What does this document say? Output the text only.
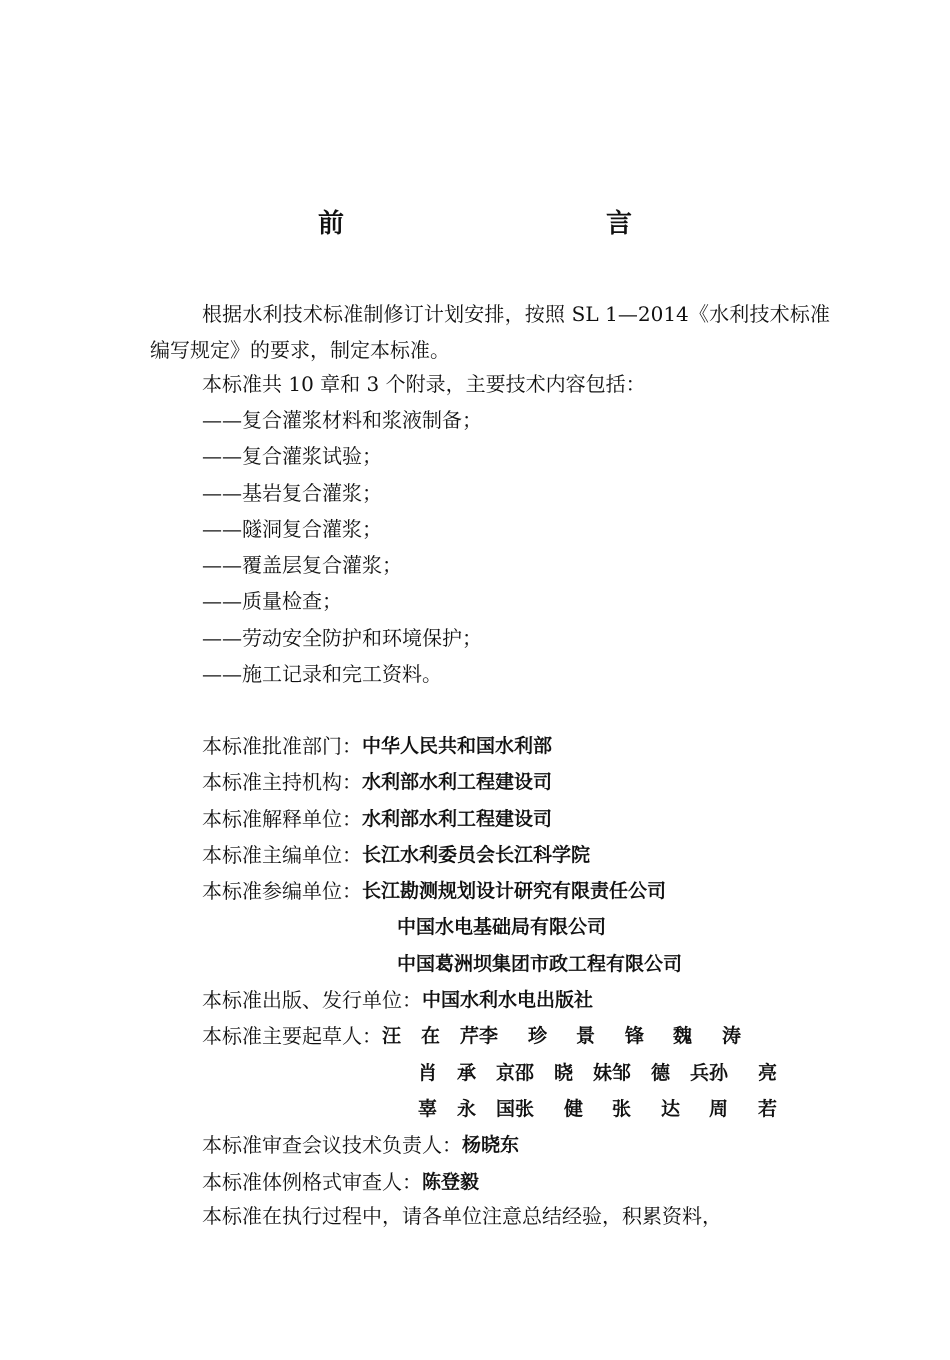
前　　言
根据水利技术标准制修订计划安排，按照 SL 1—2014《水利技术标准编写规定》的要求，制定本标准。
本标准共 10 章和 3 个附录，主要技术内容包括：
——复合灌浆材料和浆液制备；
——复合灌浆试验；
——基岩复合灌浆；
——隧洞复合灌浆；
——覆盖层复合灌浆；
——质量检查；
——劳动安全防护和环境保护；
——施工记录和完工资料。
本标准批准部门： 中华人民共和国水利部
本标准主持机构： 水利部水利工程建设司
本标准解释单位： 水利部水利工程建设司
本标准主编单位： 长江水利委员会长江科学院
本标准参编单位： 长江勘测规划设计研究有限责任公司
中国水电基础局有限公司
中国葛洲坝集团市政工程有限公司
本标准出版、发行单位： 中国水利水电出版社
本标准主要起草人： 汪在芹 李珍 景锋 魏涛
肖承京 邵晓妹 邹德兵 孙亮
辜永国 张健 张达 周若
本标准审查会议技术负责人： 杨晓东
本标准体例格式审查人： 陈登毅
本标准在执行过程中，请各单位注意总结经验，积累资料，
